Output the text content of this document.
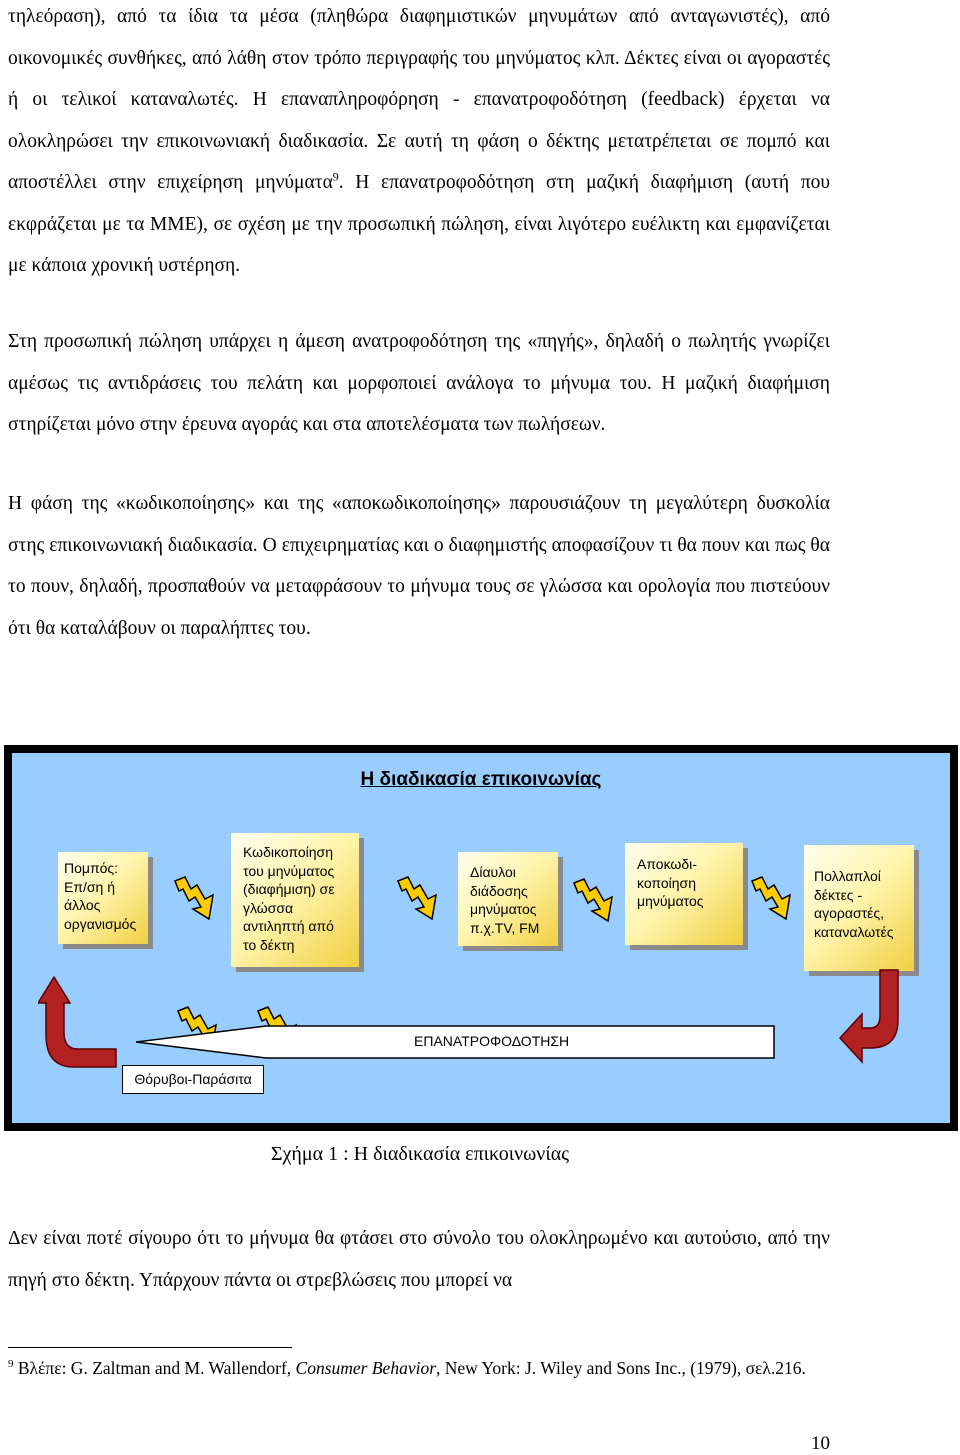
τηλεόραση), από τα ίδια τα μέσα (πληθώρα διαφημιστικών μηνυμάτων από ανταγωνιστές), από οικονομικές συνθήκες, από λάθη στον τρόπο περιγραφής του μηνύματος κλπ. Δέκτες είναι οι αγοραστές ή οι τελικοί καταναλωτές. Η επαναπληροφόρηση - επανατροφοδότηση (feedback) έρχεται να ολοκληρώσει την επικοινωνιακή διαδικασία. Σε αυτή τη φάση ο δέκτης μετατρέπεται σε πομπό και αποστέλλει στην επιχείρηση μηνύματα$^9$. Η επανατροφοδότηση στη μαζική διαφήμιση (αυτή που εκφράζεται με τα ΜΜΕ), σε σχέση με την προσωπική πώληση, είναι λιγότερο ευέλικτη και εμφανίζεται με κάποια χρονική υστέρηση.

Στη προσωπική πώληση υπάρχει η άμεση ανατροφοδότηση της «πηγής», δηλαδή ο πωλητής γνωρίζει αμέσως τις αντιδράσεις του πελάτη και μορφοποιεί ανάλογα το μήνυμα του. Η μαζική διαφήμιση στηρίζεται μόνο στην έρευνα αγοράς και στα αποτελέσματα των πωλήσεων.

Η φάση της «κωδικοποίησης» και της «αποκωδικοποίησης» παρουσιάζουν τη μεγαλύτερη δυσκολία στης επικοινωνιακή διαδικασία. Ο επιχειρηματίας και ο διαφημιστής αποφασίζουν τι θα πουν και πως θα το πουν, δηλαδή, προσπαθούν να μεταφράσουν το μήνυμα τους σε γλώσσα και ορολογία που πιστεύουν ότι θα καταλάβουν οι παραλήπτες του.

Η διαδικασία επικοινωνίας
Πομπός:
Επ/ση ή
άλλος
οργανισμός
Κωδικοποίηση
του μηνύματος
(διαφήμιση) σε
γλώσσα
αντιληπτή από
το δέκτη
Δίαυλοι
διάδοσης
μηνύματος
π.χ.TV, FM
Αποκωδι-
κοποίηση
μηνύματος
Πολλαπλοί
δέκτες -
αγοραστές,
καταναλωτές
ΕΠΑΝΑΤΡΟΦΟΔΟΤΗΣΗ
Θόρυβοι-Παράσιτα
Σχήμα 1 : Η διαδικασία επικοινωνίας

Δεν είναι ποτέ σίγουρο ότι το μήνυμα θα φτάσει στο σύνολο του ολοκληρωμένο και αυτούσιο, από την πηγή στο δέκτη. Υπάρχουν πάντα οι στρεβλώσεις που μπορεί να

$^9$ Βλέπε: G. Zaltman and M. Wallendorf, Consumer Behavior, New York: J. Wiley and Sons Inc., (1979), σελ.216.

10
